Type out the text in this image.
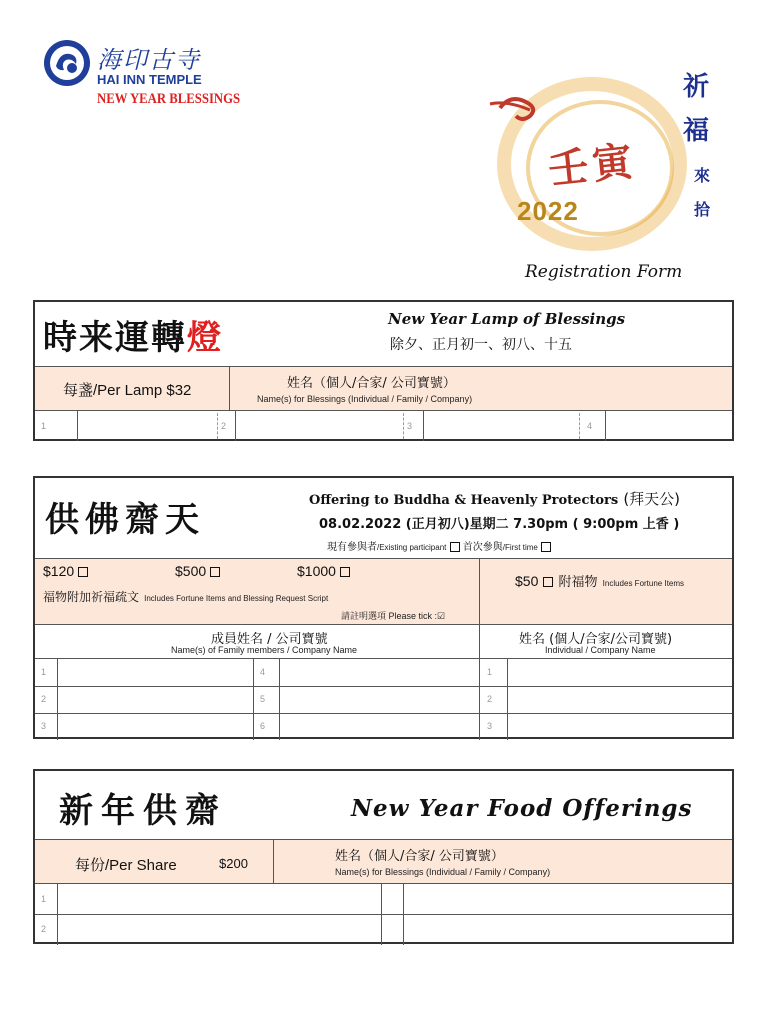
海印古寺
HAI INN TEMPLE
NEW YEAR BLESSINGS
壬寅
2022
祈
福
來
拾
Registration Form
時来運轉燈	New Year Lamp of Blessings
除夕、正月初一、初八、十五
每盞/Per Lamp $32	姓名（個人/合家/ 公司寶號）
Name(s) for Blessings (Individual / Family / Company)
1	2	3	4
供佛齋天	Offering to Buddha & Heavenly Protectors (拜天公)
08.02.2022 (正月初八)星期二 7.30pm ( 9:00pm 上香 )
現有參與者/Existing participant 首次參與/First time
$120	$500	$1000
福物附加祈福疏文 Includes Fortune Items and Blessing Request Script
請註明選項 Please tick :☑
$50 附福物 Includes Fortune Items
成員姓名 / 公司寶號
Name(s) of Family members / Company Name
姓名 (個人/合家/公司寶號)
Individual / Company Name
1
2
3
4
5
6
1
2
3
新年供齋	New Year Food Offerings
每份/Per Share	$200	姓名（個人/合家/ 公司寶號）
Name(s) for Blessings (Individual / Family / Company)
1
2
